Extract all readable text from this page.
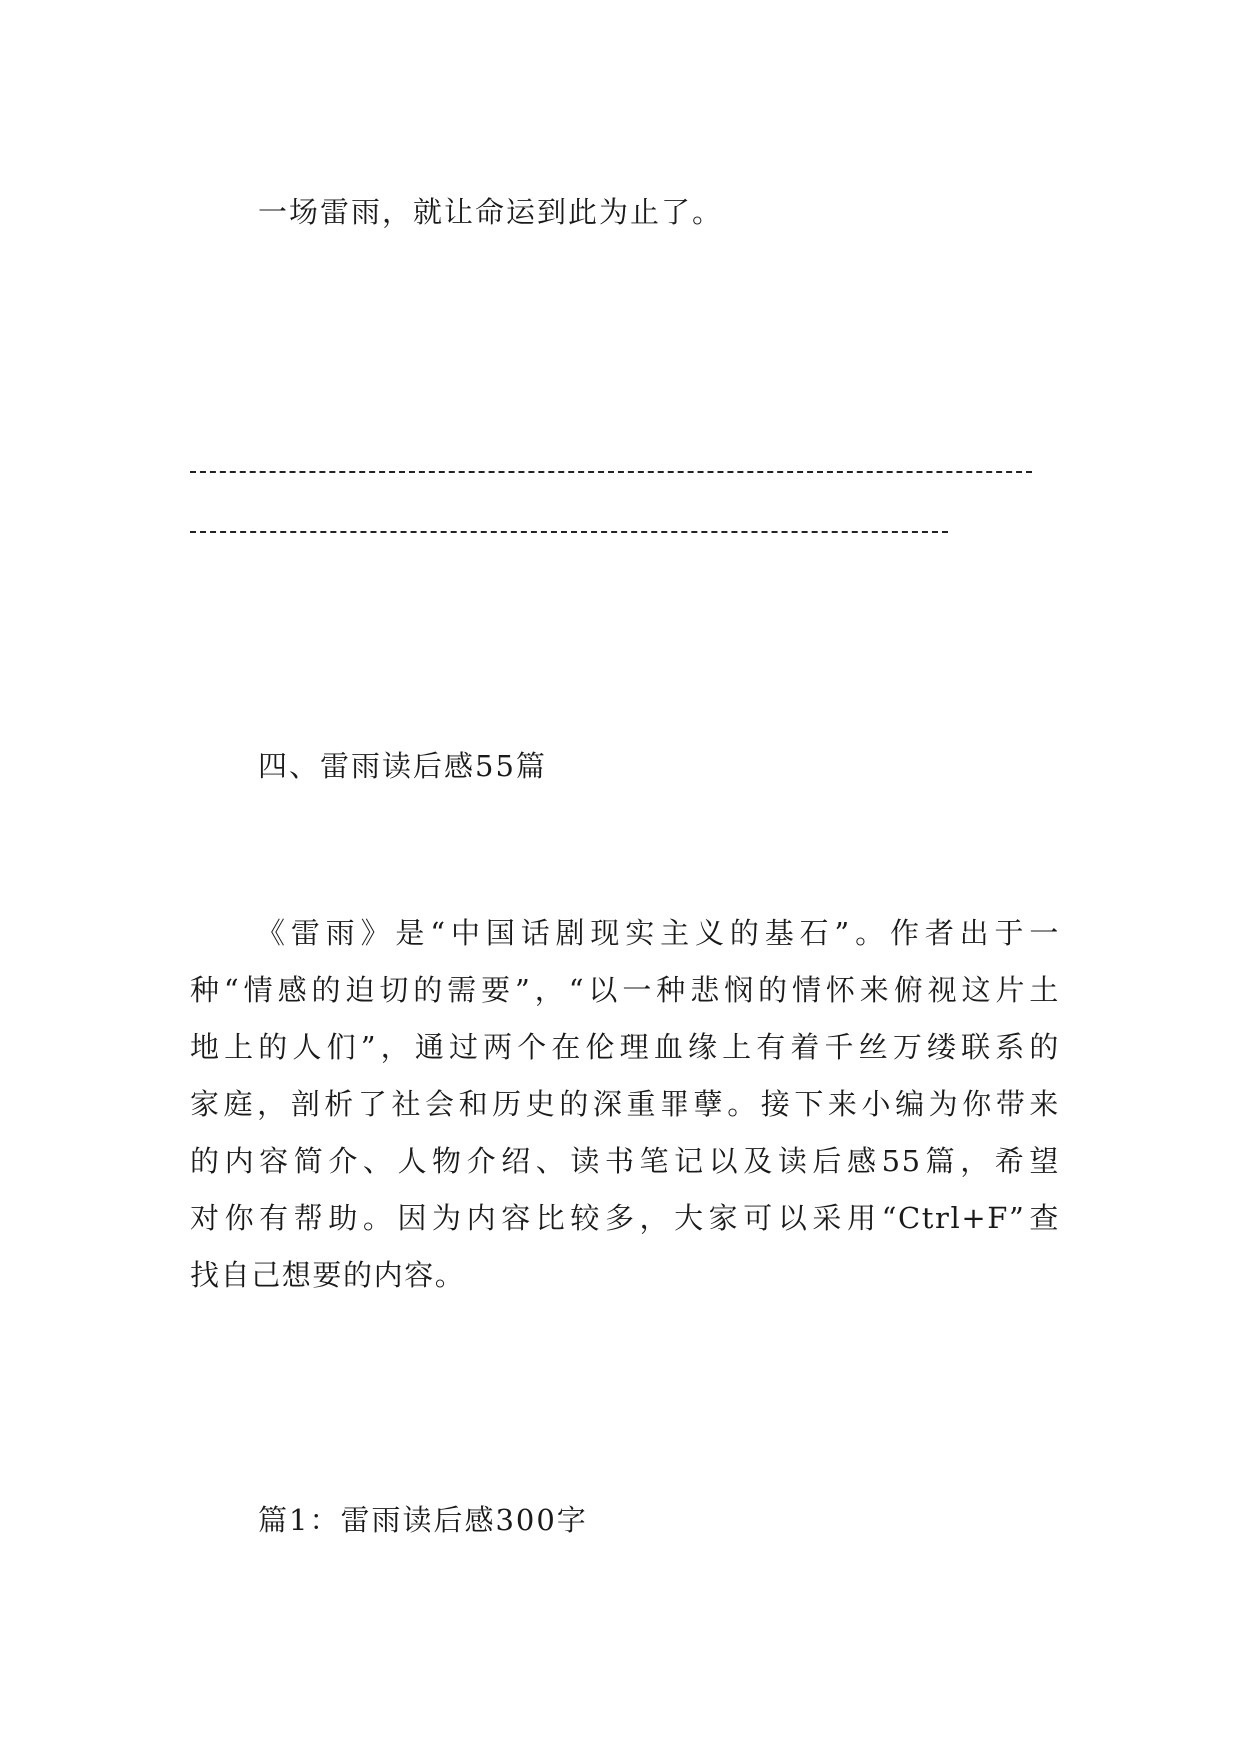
一场雷雨，就让命运到此为止了。
四、雷雨读后感55篇
《雷雨》是“中国话剧现实主义的基石”。作者出于一
种“情感的迫切的需要”，“以一种悲悯的情怀来俯视这片土
地上的人们”，通过两个在伦理血缘上有着千丝万缕联系的
家庭，剖析了社会和历史的深重罪孽。接下来小编为你带来
的内容简介、人物介绍、读书笔记以及读后感55篇，希望
对你有帮助。因为内容比较多，大家可以采用“Ctrl+F”查
找自己想要的内容。
篇1：雷雨读后感300字
